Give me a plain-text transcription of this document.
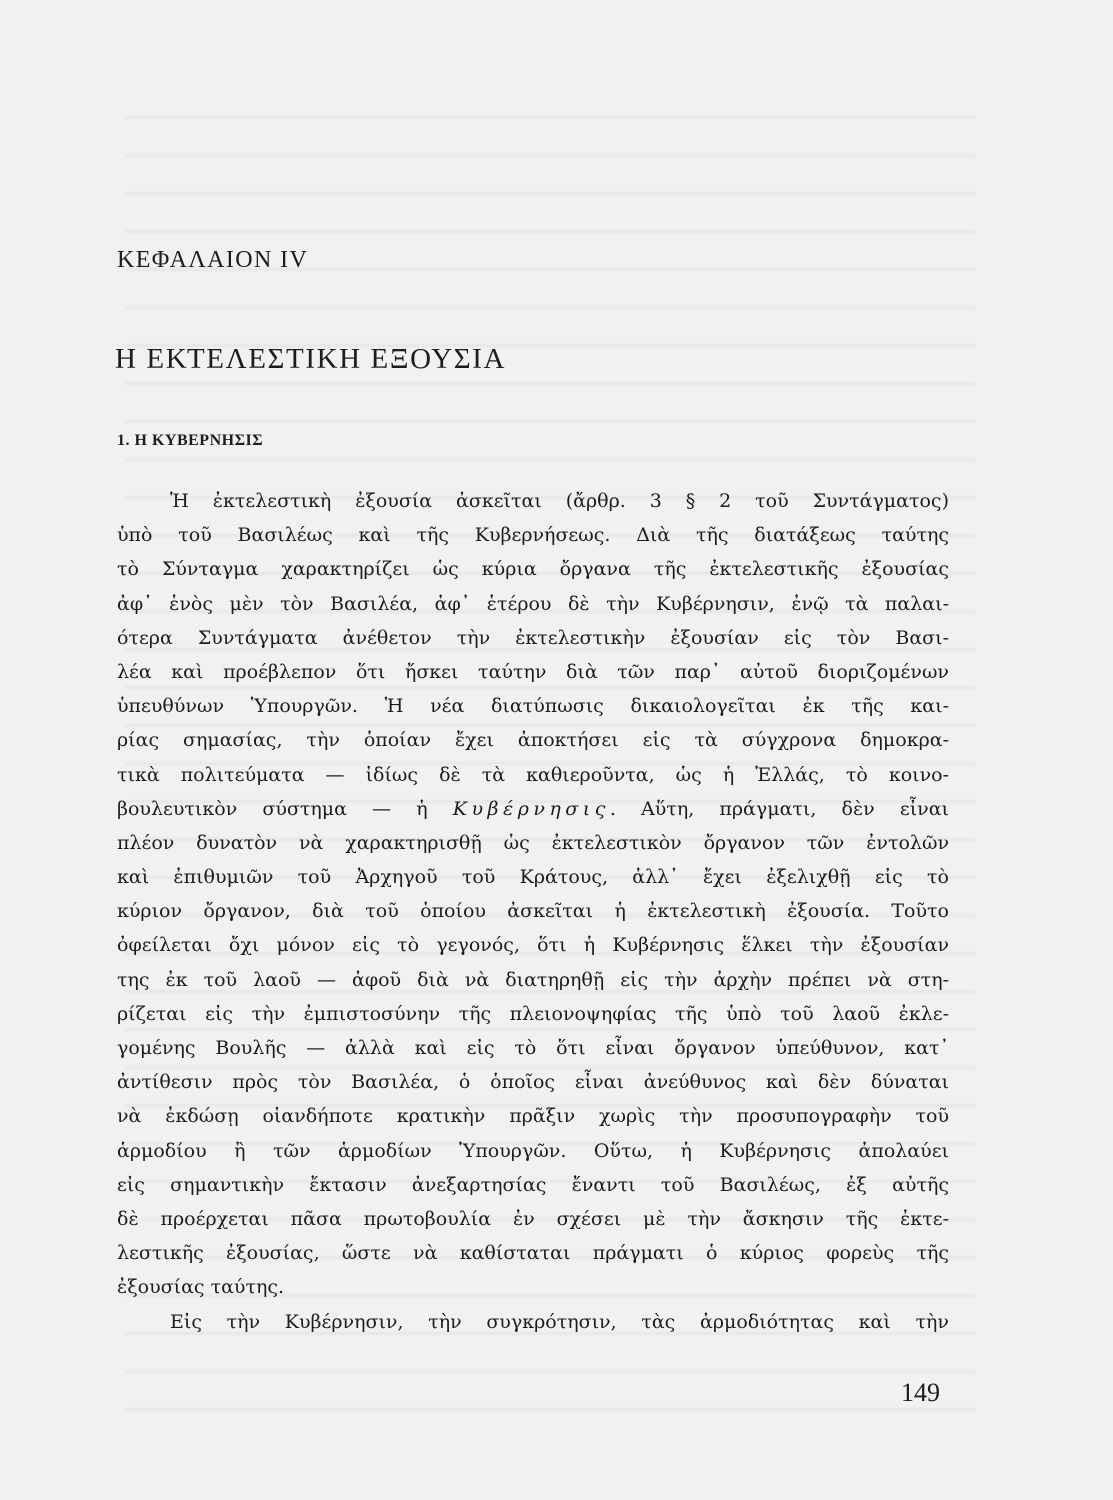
ΚΕΦΑΛΑΙΟΝ IV
Η ΕΚΤΕΛΕΣΤΙΚΗ ΕΞΟΥΣΙΑ
1. Η ΚΥΒΕΡΝΗΣΙΣ
Ἡ ἐκτελεστικὴ ἐξουσία ἀσκεῖται (ἄρθρ. 3 § 2 τοῦ Συντάγματος)
ὑπὸ τοῦ Βασιλέως καὶ τῆς Κυβερνήσεως. Διὰ τῆς διατάξεως ταύτης
τὸ Σύνταγμα χαρακτηρίζει ὡς κύρια ὄργανα τῆς ἐκτελεστικῆς ἐξουσίας
ἀφ᾽ ἑνὸς μὲν τὸν Βασιλέα, ἀφ᾽ ἑτέρου δὲ τὴν Κυβέρνησιν, ἐνῷ τὰ παλαι-
ότερα Συντάγματα ἀνέθετον τὴν ἐκτελεστικὴν ἐξουσίαν εἰς τὸν Βασι-
λέα καὶ προέβλεπον ὅτι ἤσκει ταύτην διὰ τῶν παρ᾽ αὐτοῦ διοριζομένων
ὑπευθύνων Ὑπουργῶν. Ἡ νέα διατύπωσις δικαιολογεῖται ἐκ τῆς και-
ρίας σημασίας, τὴν ὁποίαν ἔχει ἀποκτήσει εἰς τὰ σύγχρονα δημοκρα-
τικὰ πολιτεύματα — ἰδίως δὲ τὰ καθιεροῦντα, ὡς ἡ Ἑλλάς, τὸ κοινο-
βουλευτικὸν σύστημα — ἡ Κυβέρνησις. Αὕτη, πράγματι, δὲν εἶναι
πλέον δυνατὸν νὰ χαρακτηρισθῇ ὡς ἐκτελεστικὸν ὄργανον τῶν ἐντολῶν
καὶ ἐπιθυμιῶν τοῦ Ἀρχηγοῦ τοῦ Κράτους, ἀλλ᾽ ἔχει ἐξελιχθῇ εἰς τὸ
κύριον ὄργανον, διὰ τοῦ ὁποίου ἀσκεῖται ἡ ἐκτελεστικὴ ἐξουσία. Τοῦτο
ὀφείλεται ὄχι μόνον εἰς τὸ γεγονός, ὅτι ἡ Κυβέρνησις ἕλκει τὴν ἐξουσίαν
της ἐκ τοῦ λαοῦ — ἀφοῦ διὰ νὰ διατηρηθῇ εἰς τὴν ἀρχὴν πρέπει νὰ στη-
ρίζεται εἰς τὴν ἐμπιστοσύνην τῆς πλειονοψηφίας τῆς ὑπὸ τοῦ λαοῦ ἐκλε-
γομένης Βουλῆς — ἀλλὰ καὶ εἰς τὸ ὅτι εἶναι ὄργανον ὑπεύθυνον, κατ᾽
ἀντίθεσιν πρὸς τὸν Βασιλέα, ὁ ὁποῖος εἶναι ἀνεύθυνος καὶ δὲν δύναται
νὰ ἐκδώσῃ οἱανδήποτε κρατικὴν πρᾶξιν χωρὶς τὴν προσυπογραφὴν τοῦ
ἁρμοδίου ἢ τῶν ἁρμοδίων Ὑπουργῶν. Οὕτω, ἡ Κυβέρνησις ἀπολαύει
εἰς σημαντικὴν ἔκτασιν ἀνεξαρτησίας ἔναντι τοῦ Βασιλέως, ἐξ αὐτῆς
δὲ προέρχεται πᾶσα πρωτοβουλία ἐν σχέσει μὲ τὴν ἄσκησιν τῆς ἐκτε-
λεστικῆς ἐξουσίας, ὥστε νὰ καθίσταται πράγματι ὁ κύριος φορεὺς τῆς
ἐξουσίας ταύτης.
Εἰς τὴν Κυβέρνησιν, τὴν συγκρότησιν, τὰς ἁρμοδιότητας καὶ τὴν
149
